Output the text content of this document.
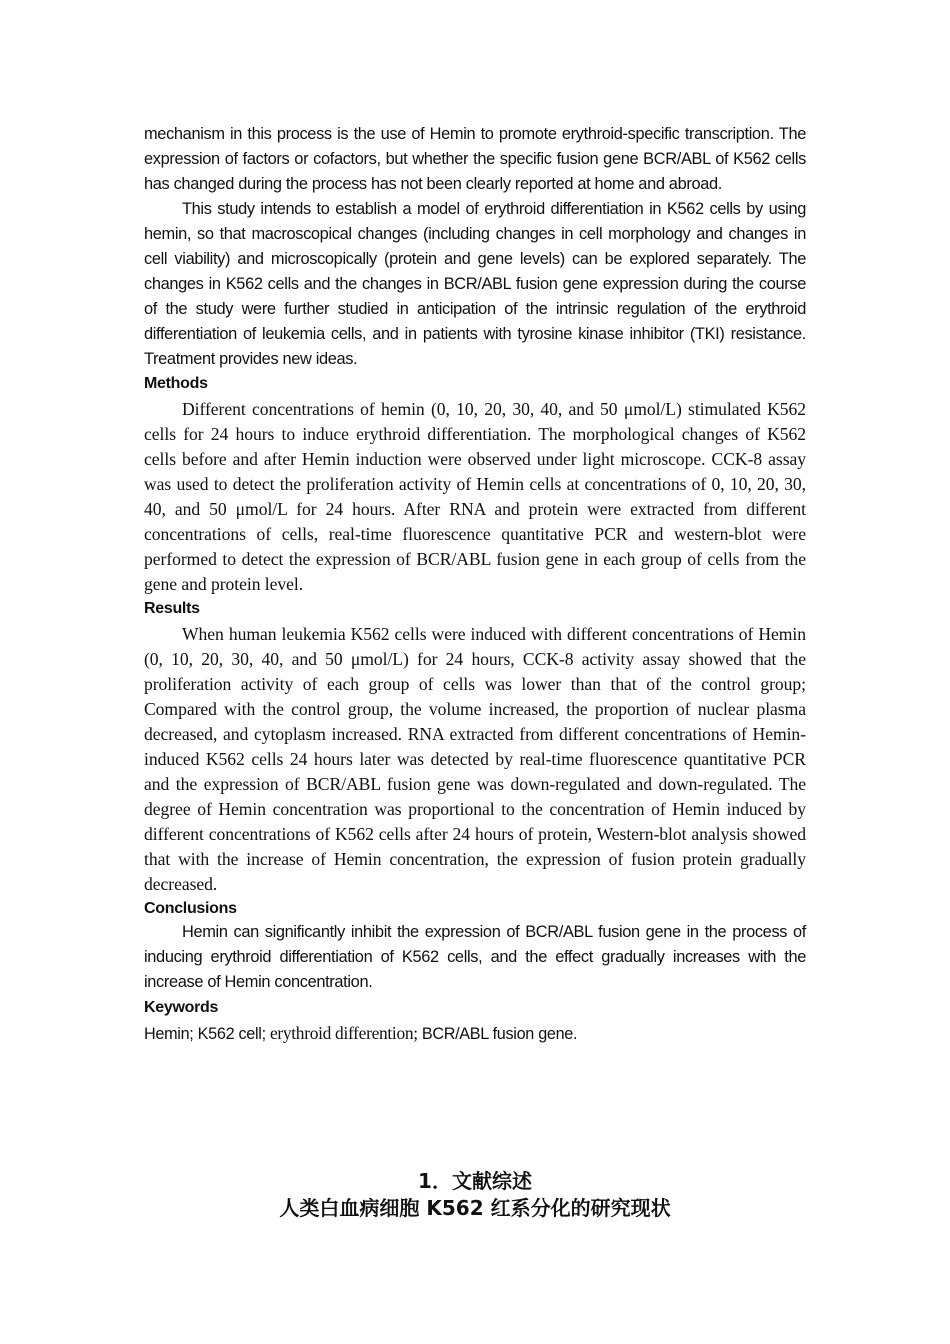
mechanism in this process is the use of Hemin to promote erythroid-specific transcription. The expression of factors or cofactors, but whether the specific fusion gene BCR/ABL of K562 cells has changed during the process has not been clearly reported at home and abroad.

This study intends to establish a model of erythroid differentiation in K562 cells by using hemin, so that macroscopical changes (including changes in cell morphology and changes in cell viability) and microscopically (protein and gene levels) can be explored separately. The changes in K562 cells and the changes in BCR/ABL fusion gene expression during the course of the study were further studied in anticipation of the intrinsic regulation of the erythroid differentiation of leukemia cells, and in patients with tyrosine kinase inhibitor (TKI) resistance. Treatment provides new ideas.

Methods

Different concentrations of hemin (0, 10, 20, 30, 40, and 50 μmol/L) stimulated K562 cells for 24 hours to induce erythroid differentiation. The morphological changes of K562 cells before and after Hemin induction were observed under light microscope. CCK-8 assay was used to detect the proliferation activity of Hemin cells at concentrations of 0, 10, 20, 30, 40, and 50 μmol/L for 24 hours. After RNA and protein were extracted from different concentrations of cells, real-time fluorescence quantitative PCR and western-blot were performed to detect the expression of BCR/ABL fusion gene in each group of cells from the gene and protein level.

Results

When human leukemia K562 cells were induced with different concentrations of Hemin (0, 10, 20, 30, 40, and 50 μmol/L) for 24 hours, CCK-8 activity assay showed that the proliferation activity of each group of cells was lower than that of the control group; Compared with the control group, the volume increased, the proportion of nuclear plasma decreased, and cytoplasm increased. RNA extracted from different concentrations of Hemin-induced K562 cells 24 hours later was detected by real-time fluorescence quantitative PCR and the expression of BCR/ABL fusion gene was down-regulated and down-regulated. The degree of Hemin concentration was proportional to the concentration of Hemin induced by different concentrations of K562 cells after 24 hours of protein, Western-blot analysis showed that with the increase of Hemin concentration, the expression of fusion protein gradually decreased.

Conclusions

Hemin can significantly inhibit the expression of BCR/ABL fusion gene in the process of inducing erythroid differentiation of K562 cells, and the effect gradually increases with the increase of Hemin concentration.

Keywords

Hemin; K562 cell; erythroid differention; BCR/ABL fusion gene.

1．文献综述

人类白血病细胞 K562 红系分化的研究现状
